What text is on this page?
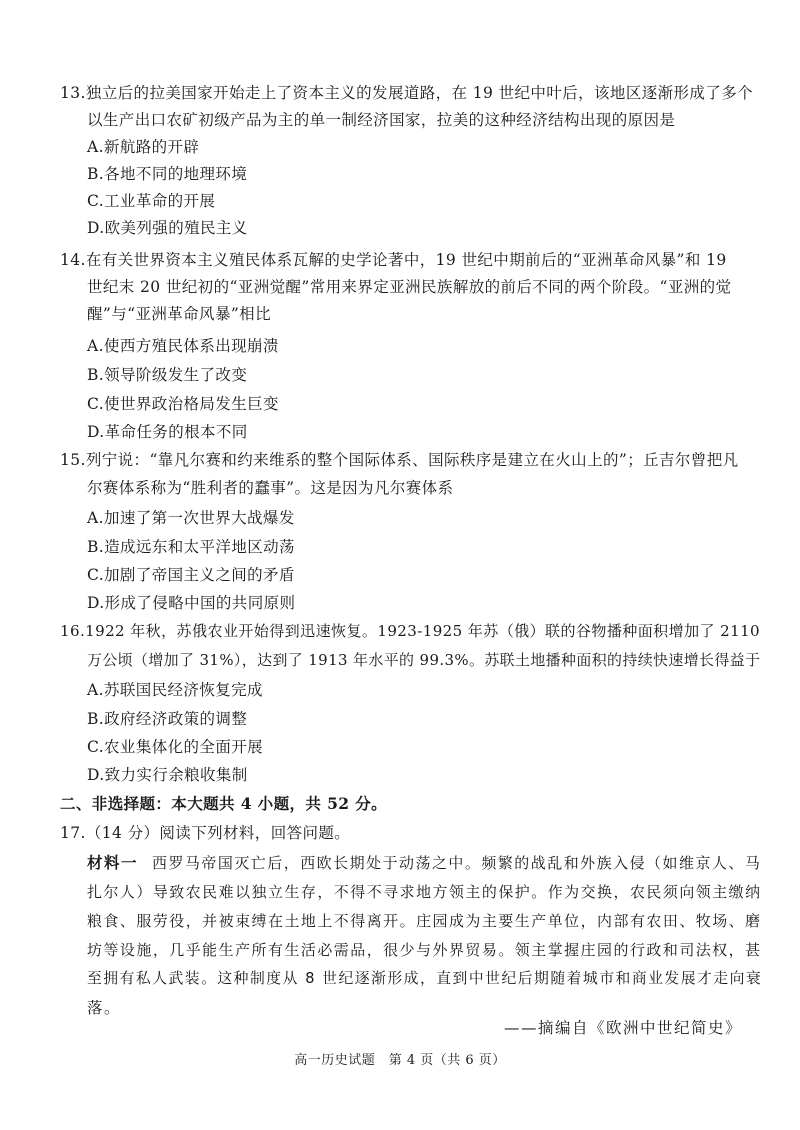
13.独立后的拉美国家开始走上了资本主义的发展道路，在 19 世纪中叶后，该地区逐渐形成了多个
以生产出口农矿初级产品为主的单一制经济国家，拉美的这种经济结构出现的原因是
A.新航路的开辟
B.各地不同的地理环境
C.工业革命的开展
D.欧美列强的殖民主义
14.在有关世界资本主义殖民体系瓦解的史学论著中，19 世纪中期前后的“亚洲革命风暴”和 19
世纪末 20 世纪初的“亚洲觉醒”常用来界定亚洲民族解放的前后不同的两个阶段。“亚洲的觉
醒”与“亚洲革命风暴”相比
A.使西方殖民体系出现崩溃
B.领导阶级发生了改变
C.使世界政治格局发生巨变
D.革命任务的根本不同
15.列宁说：“靠凡尔赛和约来维系的整个国际体系、国际秩序是建立在火山上的”；丘吉尔曾把凡
尔赛体系称为“胜利者的蠢事”。这是因为凡尔赛体系
A.加速了第一次世界大战爆发
B.造成远东和太平洋地区动荡
C.加剧了帝国主义之间的矛盾
D.形成了侵略中国的共同原则
16.1922 年秋，苏俄农业开始得到迅速恢复。1923-1925 年苏（俄）联的谷物播种面积增加了 2110
万公顷（增加了 31%），达到了 1913 年水平的 99.3%。苏联土地播种面积的持续快速增长得益于
A.苏联国民经济恢复完成
B.政府经济政策的调整
C.农业集体化的全面开展
D.致力实行余粮收集制
二、非选择题：本大题共 4 小题，共 52 分。
17.（14 分）阅读下列材料，回答问题。
材料一 西罗马帝国灭亡后，西欧长期处于动荡之中。频繁的战乱和外族入侵（如维京人、马
扎尔人）导致农民难以独立生存，不得不寻求地方领主的保护。作为交换，农民须向领主缴纳
粮食、服劳役，并被束缚在土地上不得离开。庄园成为主要生产单位，内部有农田、牧场、磨
坊等设施，几乎能生产所有生活必需品，很少与外界贸易。领主掌握庄园的行政和司法权，甚
至拥有私人武装。这种制度从 8 世纪逐渐形成，直到中世纪后期随着城市和商业发展才走向衰
落。
——摘编自《欧洲中世纪简史》
高一历史试题　第 4 页（共 6 页）
